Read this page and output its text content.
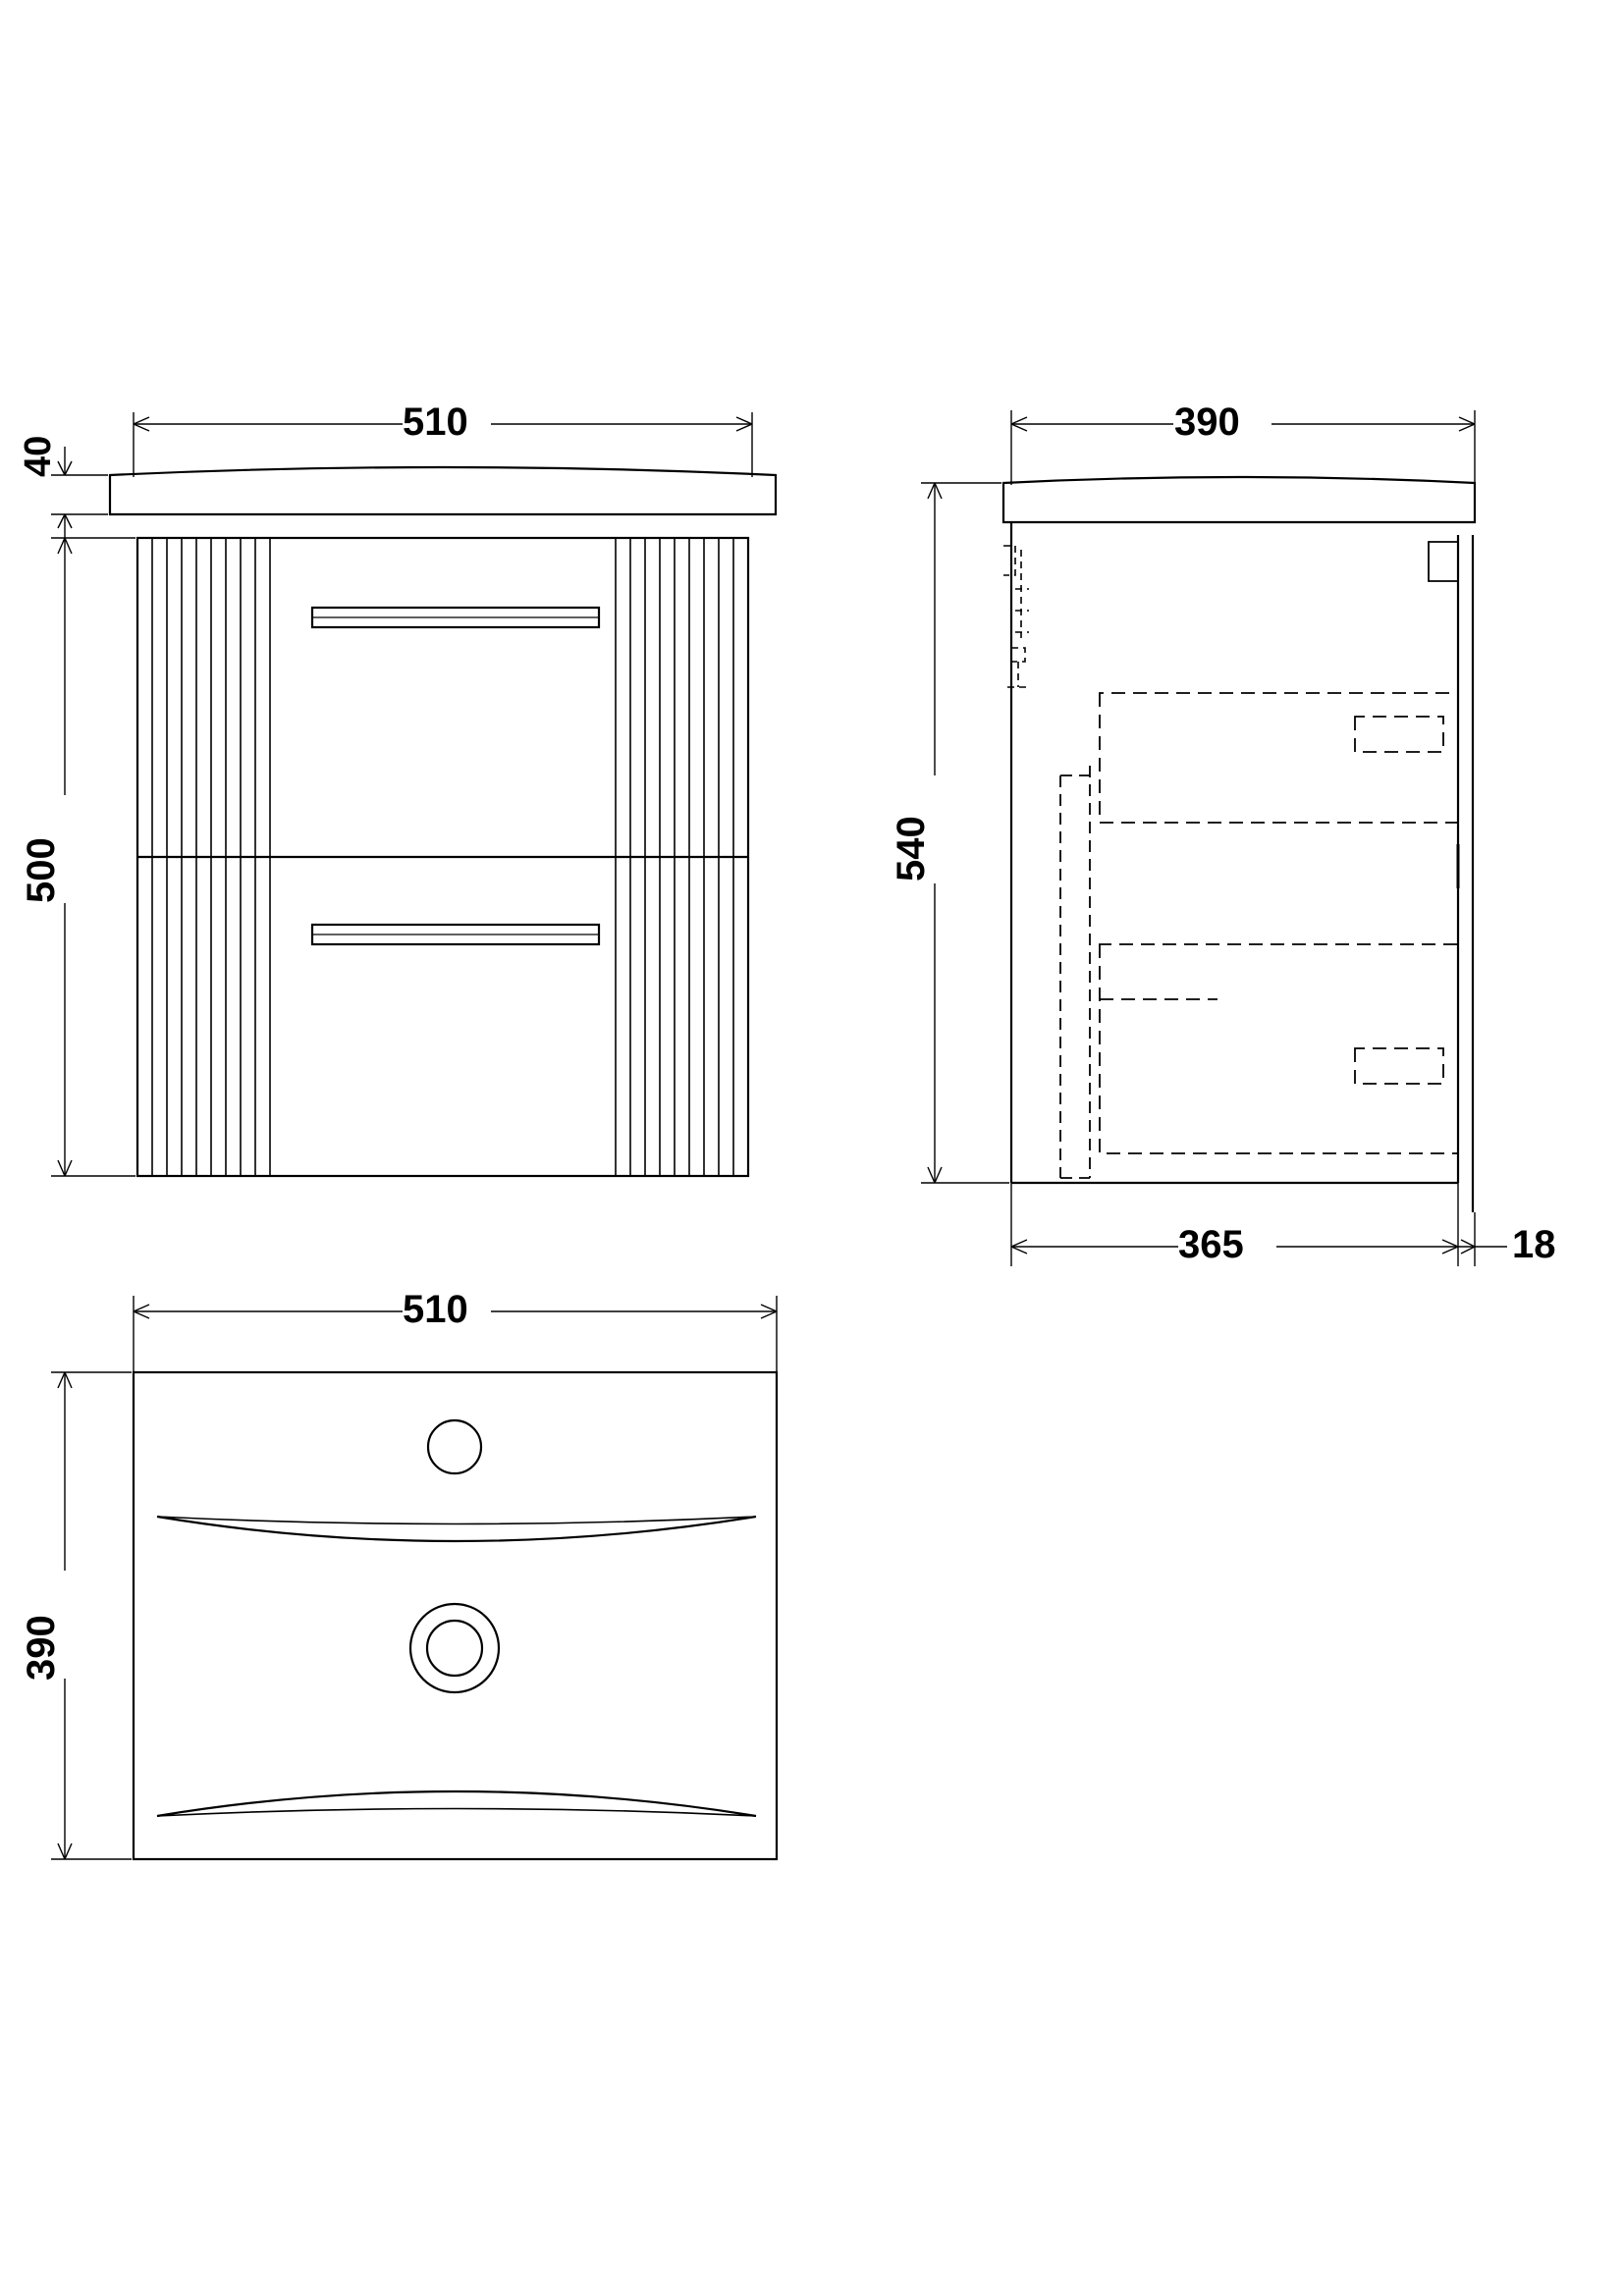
510
40
500
390
540
365	18
510
390
